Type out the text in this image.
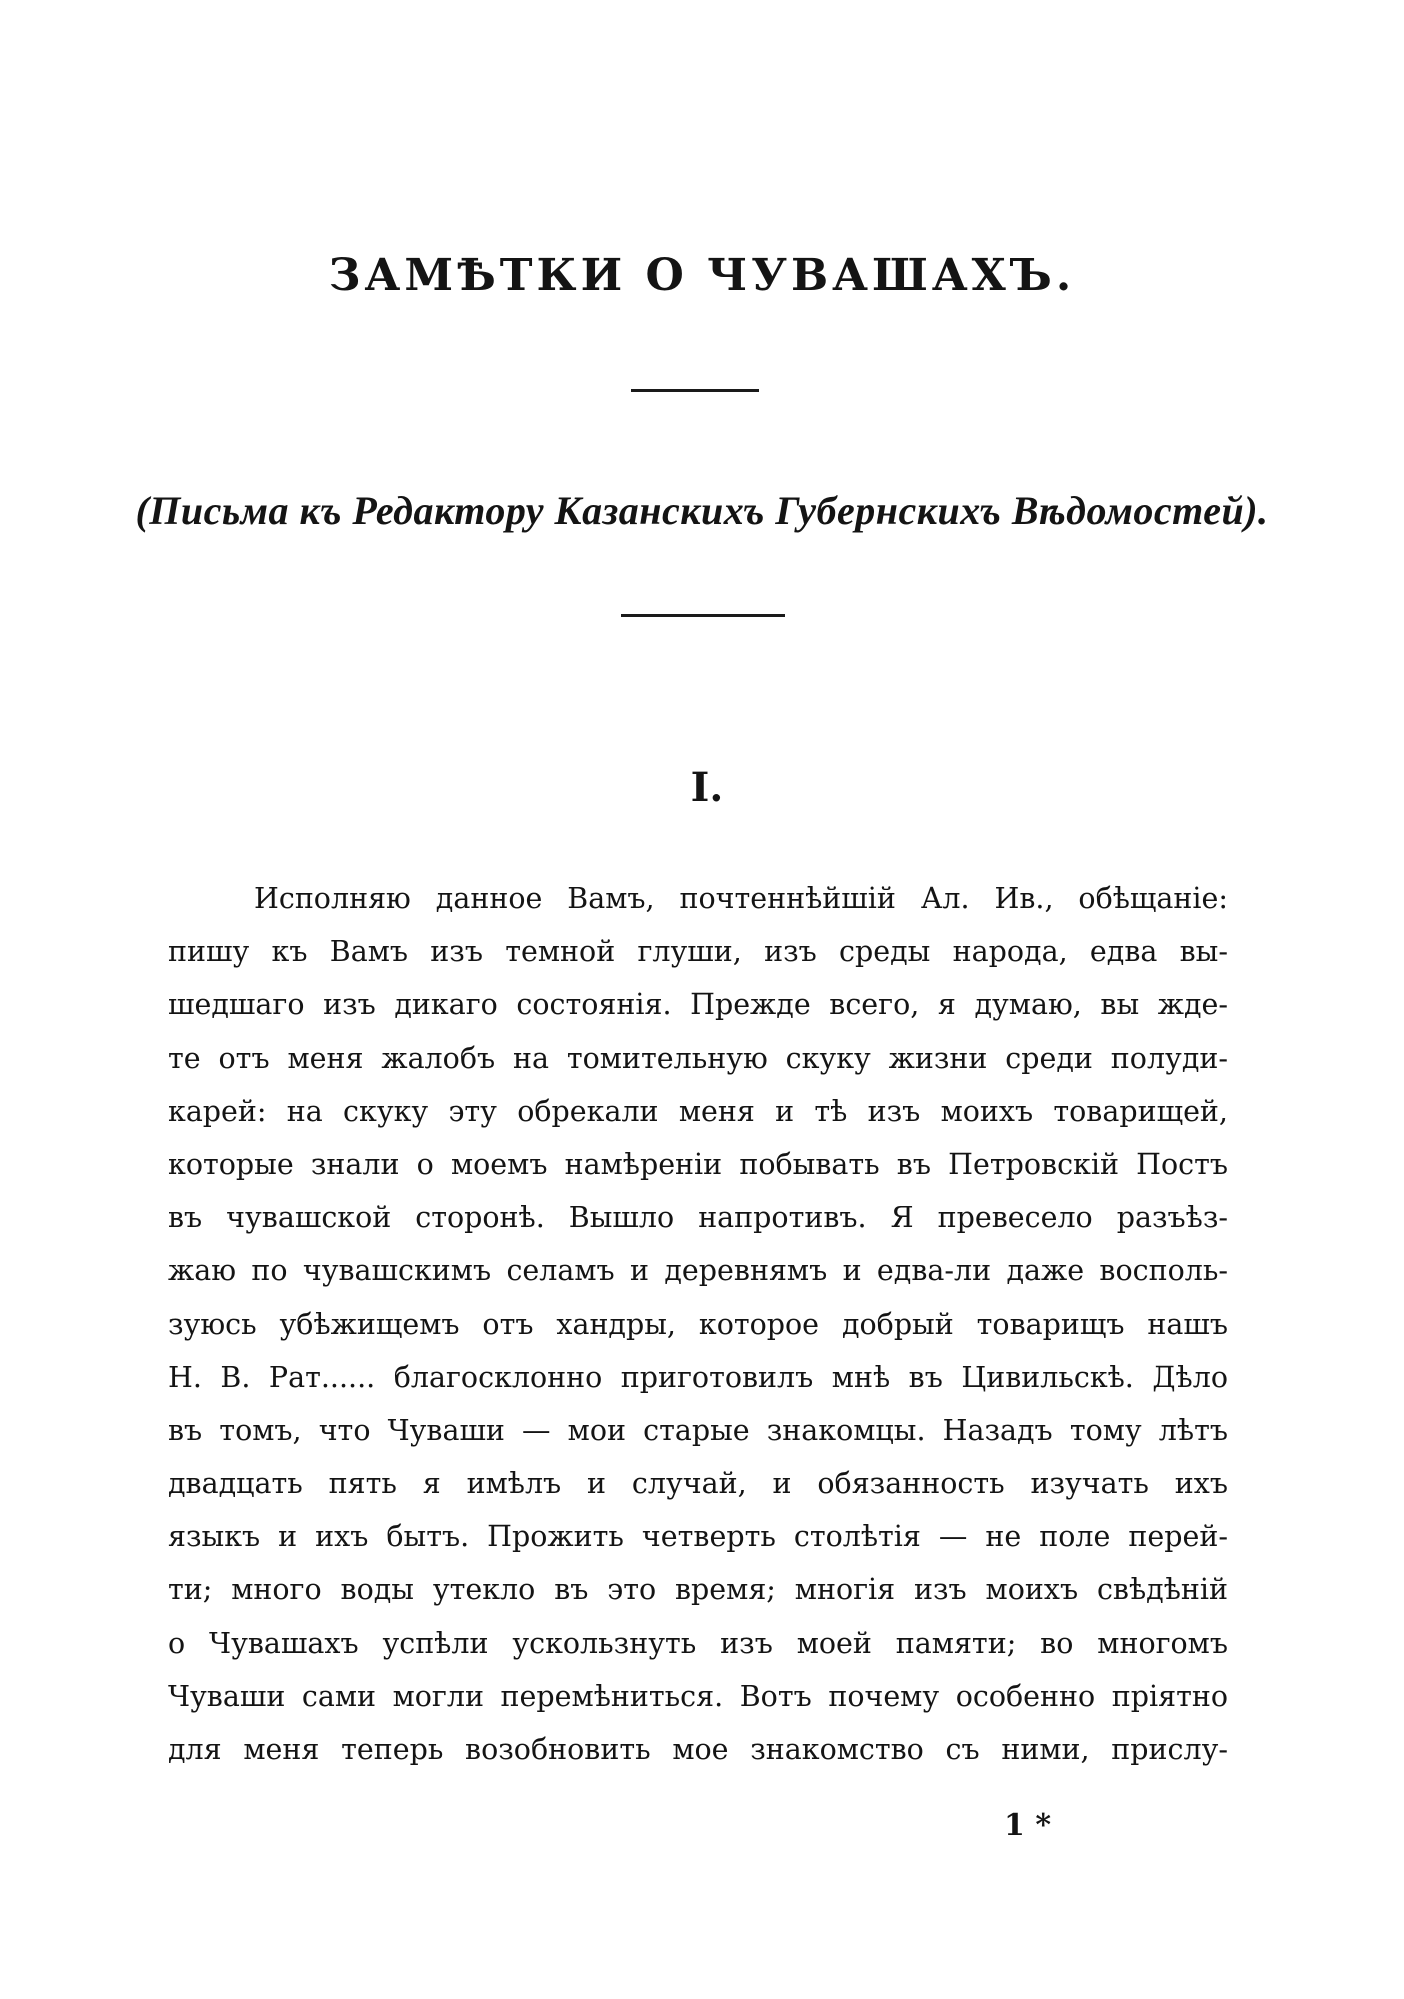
ЗАМѢТКИ О ЧУВАШАХЪ.
(Письма къ Редактору Казанскихъ Губернскихъ Вѣдомостей).
I.
Исполняю данное Вамъ, почтеннѣйшій Ал. Ив., обѣщаніе:
пишу къ Вамъ изъ темной глуши, изъ среды народа, едва вы-
шедшаго изъ дикаго состоянія. Прежде всего, я думаю, вы жде-
те отъ меня жалобъ на томительную скуку жизни среди полуди-
карей: на скуку эту обрекали меня и тѣ изъ моихъ товарищей,
которые знали о моемъ намѣреніи побывать въ Петровскій Постъ
въ чувашской сторонѣ. Вышло напротивъ. Я превесело разъѣз-
жаю по чувашскимъ селамъ и деревнямъ и едва-ли даже восполь-
зуюсь убѣжищемъ отъ хандры, которое добрый товарищъ нашъ
Н. В. Рат...... благосклонно приготовилъ мнѣ въ Цивильскѣ. Дѣло
въ томъ, что Чуваши — мои старые знакомцы. Назадъ тому лѣтъ
двадцать пять я имѣлъ и случай, и обязанность изучать ихъ
языкъ и ихъ бытъ. Прожить четверть столѣтія — не поле перей-
ти; много воды утекло въ это время; многія изъ моихъ свѣдѣній
о Чувашахъ успѣли ускользнуть изъ моей памяти; во многомъ
Чуваши сами могли перемѣниться. Вотъ почему особенно пріятно
для меня теперь возобновить мое знакомство съ ними, прислу-
1 *
